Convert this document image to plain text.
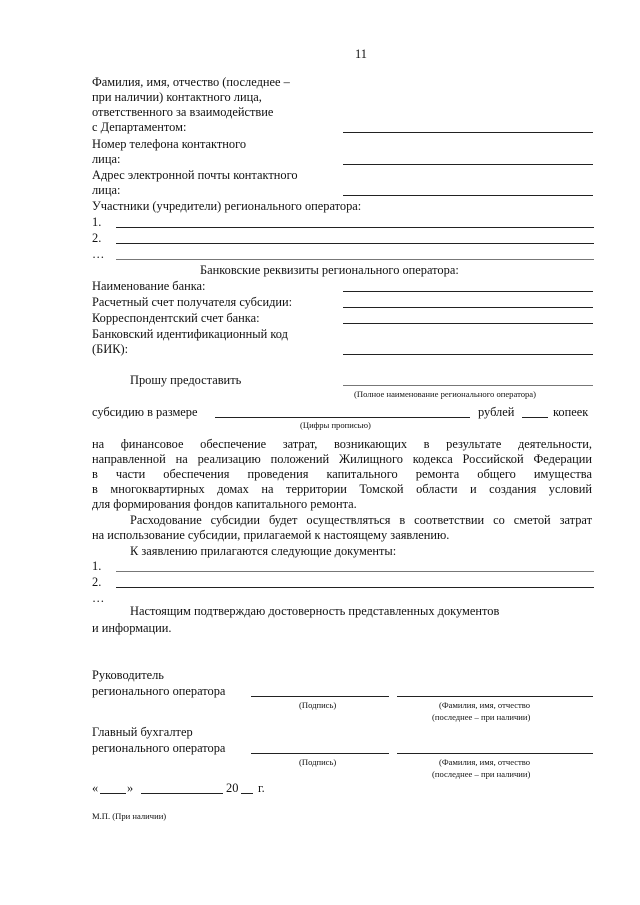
11
Фамилия, имя, отчество (последнее –
при наличии) контактного лица,
ответственного за взаимодействие
с Департаментом:
Номер телефона контактного
лица:
Адрес электронной почты контактного
лица:
Участники (учредители) регионального оператора:
1.
2.
…
Банковские реквизиты регионального оператора:
Наименование банка:
Расчетный счет получателя субсидии:
Корреспондентский счет банка:
Банковский идентификационный код
(БИК):
Прошу предоставить
(Полное наименование регионального оператора)
субсидию в размере	рублей	копеек
(Цифры прописью)
на финансовое обеспечение затрат, возникающих в результате деятельности,
направленной на реализацию положений Жилищного кодекса Российской Федерации
в части обеспечения проведения капитального ремонта общего имущества
в многоквартирных домах на территории Томской области и создания условий
для формирования фондов капитального ремонта.
Расходование субсидии будет осуществляться в соответствии со сметой затрат
на использование субсидии, прилагаемой к настоящему заявлению.
К заявлению прилагаются следующие документы:
1.
2.
…
Настоящим подтверждаю достоверность представленных документов
и информации.
Руководитель
регионального оператора
(Подпись)	(Фамилия, имя, отчество
(последнее – при наличии)
Главный бухгалтер
регионального оператора
(Подпись)	(Фамилия, имя, отчество
(последнее – при наличии)
« »	20 г.
М.П. (При наличии)
